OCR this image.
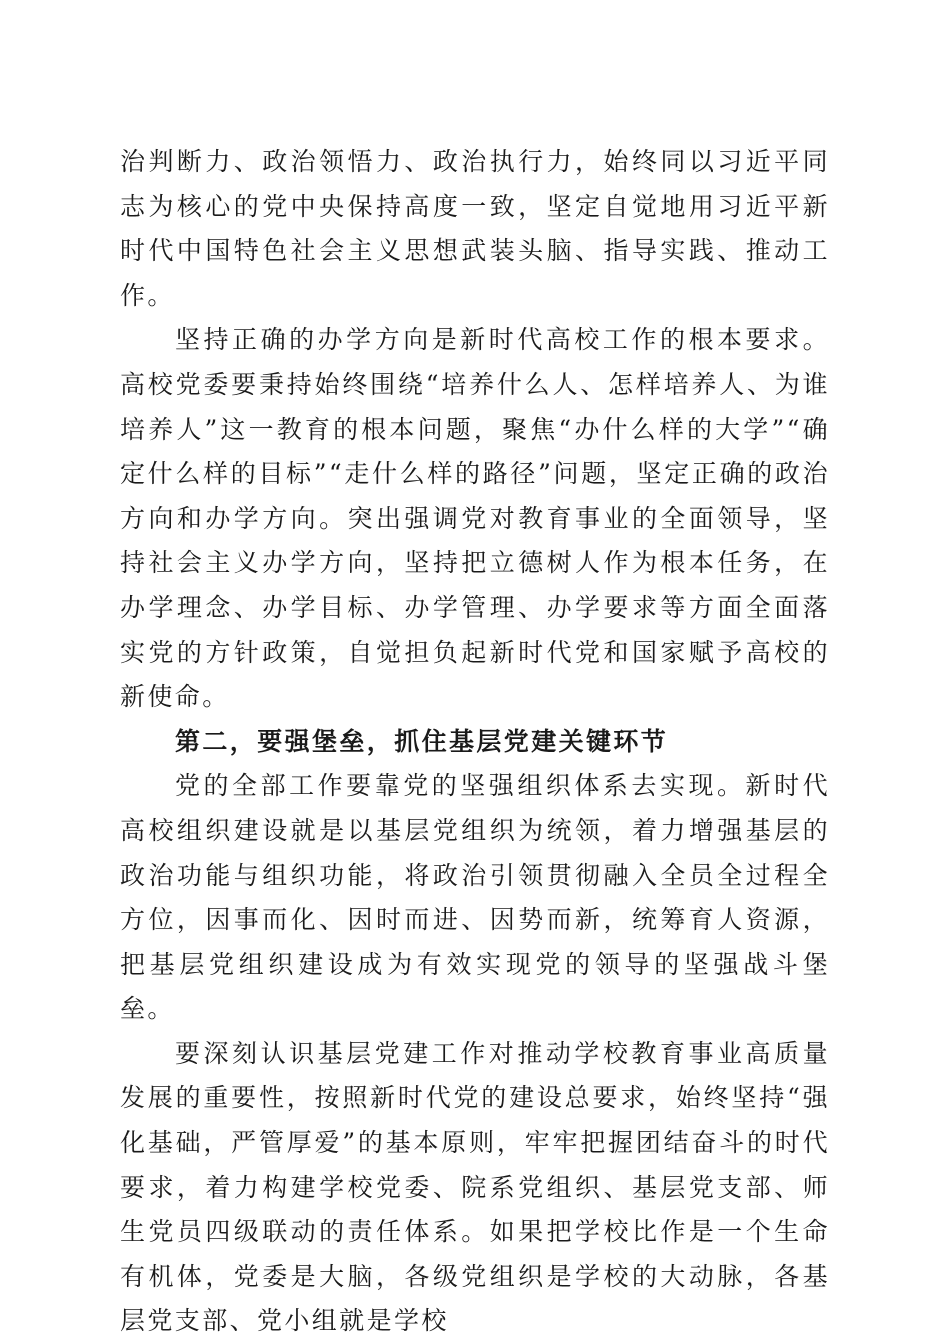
治判断力、政治领悟力、政治执行力，始终同以习近平同志为核心的党中央保持高度一致，坚定自觉地用习近平新时代中国特色社会主义思想武装头脑、指导实践、推动工作。

坚持正确的办学方向是新时代高校工作的根本要求。高校党委要秉持始终围绕“培养什么人、怎样培养人、为谁培养人”这一教育的根本问题，聚焦“办什么样的大学”“确定什么样的目标”“走什么样的路径”问题，坚定正确的政治方向和办学方向。突出强调党对教育事业的全面领导，坚持社会主义办学方向，坚持把立德树人作为根本任务，在办学理念、办学目标、办学管理、办学要求等方面全面落实党的方针政策，自觉担负起新时代党和国家赋予高校的新使命。

第二，要强堡垒，抓住基层党建关键环节

党的全部工作要靠党的坚强组织体系去实现。新时代高校组织建设就是以基层党组织为统领，着力增强基层的政治功能与组织功能，将政治引领贯彻融入全员全过程全方位，因事而化、因时而进、因势而新，统筹育人资源，把基层党组织建设成为有效实现党的领导的坚强战斗堡垒。

要深刻认识基层党建工作对推动学校教育事业高质量发展的重要性，按照新时代党的建设总要求，始终坚持“强化基础，严管厚爱”的基本原则，牢牢把握团结奋斗的时代要求，着力构建学校党委、院系党组织、基层党支部、师生党员四级联动的责任体系。如果把学校比作是一个生命有机体，党委是大脑，各级党组织是学校的大动脉，各基层党支部、党小组就是学校
